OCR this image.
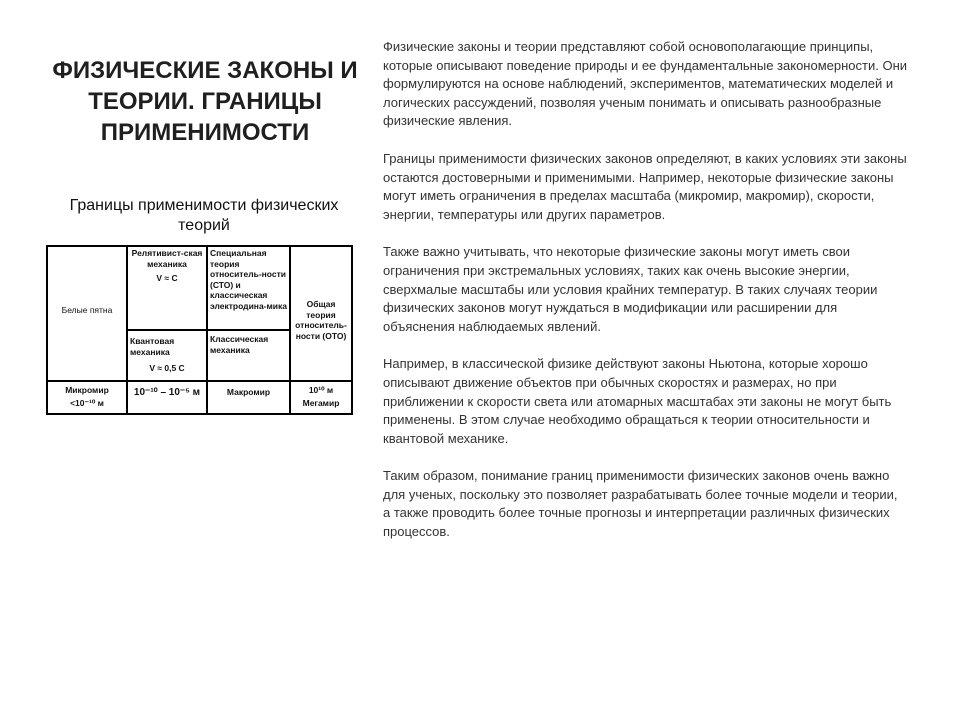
ФИЗИЧЕСКИЕ ЗАКОНЫ И ТЕОРИИ. ГРАНИЦЫ ПРИМЕНИМОСТИ
Границы применимости физических теорий
Белые пятна
Релятивист-ская механика
V ≈ C
Квантовая механика
V ≈ 0,5 C
Специальная теория относитель-ности (СТО) и классическая электродина-мика
Классическая механика
Общая теория относитель-ности (ОТО)
Микромир
<10⁻¹⁰ м
10⁻¹⁰ – 10⁻⁵ м	Макромир	10¹⁰ м
Мегамир

Физические законы и теории представляют собой основополагающие принципы, которые описывают поведение природы и ее фундаментальные закономерности. Они формулируются на основе наблюдений, экспериментов, математических моделей и логических рассуждений, позволяя ученым понимать и описывать разнообразные физические явления.

Границы применимости физических законов определяют, в каких условиях эти законы остаются достоверными и применимыми. Например, некоторые физические законы могут иметь ограничения в пределах масштаба (микромир, макромир), скорости, энергии, температуры или других параметров.

Также важно учитывать, что некоторые физические законы могут иметь свои ограничения при экстремальных условиях, таких как очень высокие энергии, сверхмалые масштабы или условия крайних температур. В таких случаях теории физических законов могут нуждаться в модификации или расширении для объяснения наблюдаемых явлений.

Например, в классической физике действуют законы Ньютона, которые хорошо описывают движение объектов при обычных скоростях и размерах, но при приближении к скорости света или атомарных масштабах эти законы не могут быть применены. В этом случае необходимо обращаться к теории относительности и квантовой механике.

Таким образом, понимание границ применимости физических законов очень важно для ученых, поскольку это позволяет разрабатывать более точные модели и теории, а также проводить более точные прогнозы и интерпретации различных физических процессов.
